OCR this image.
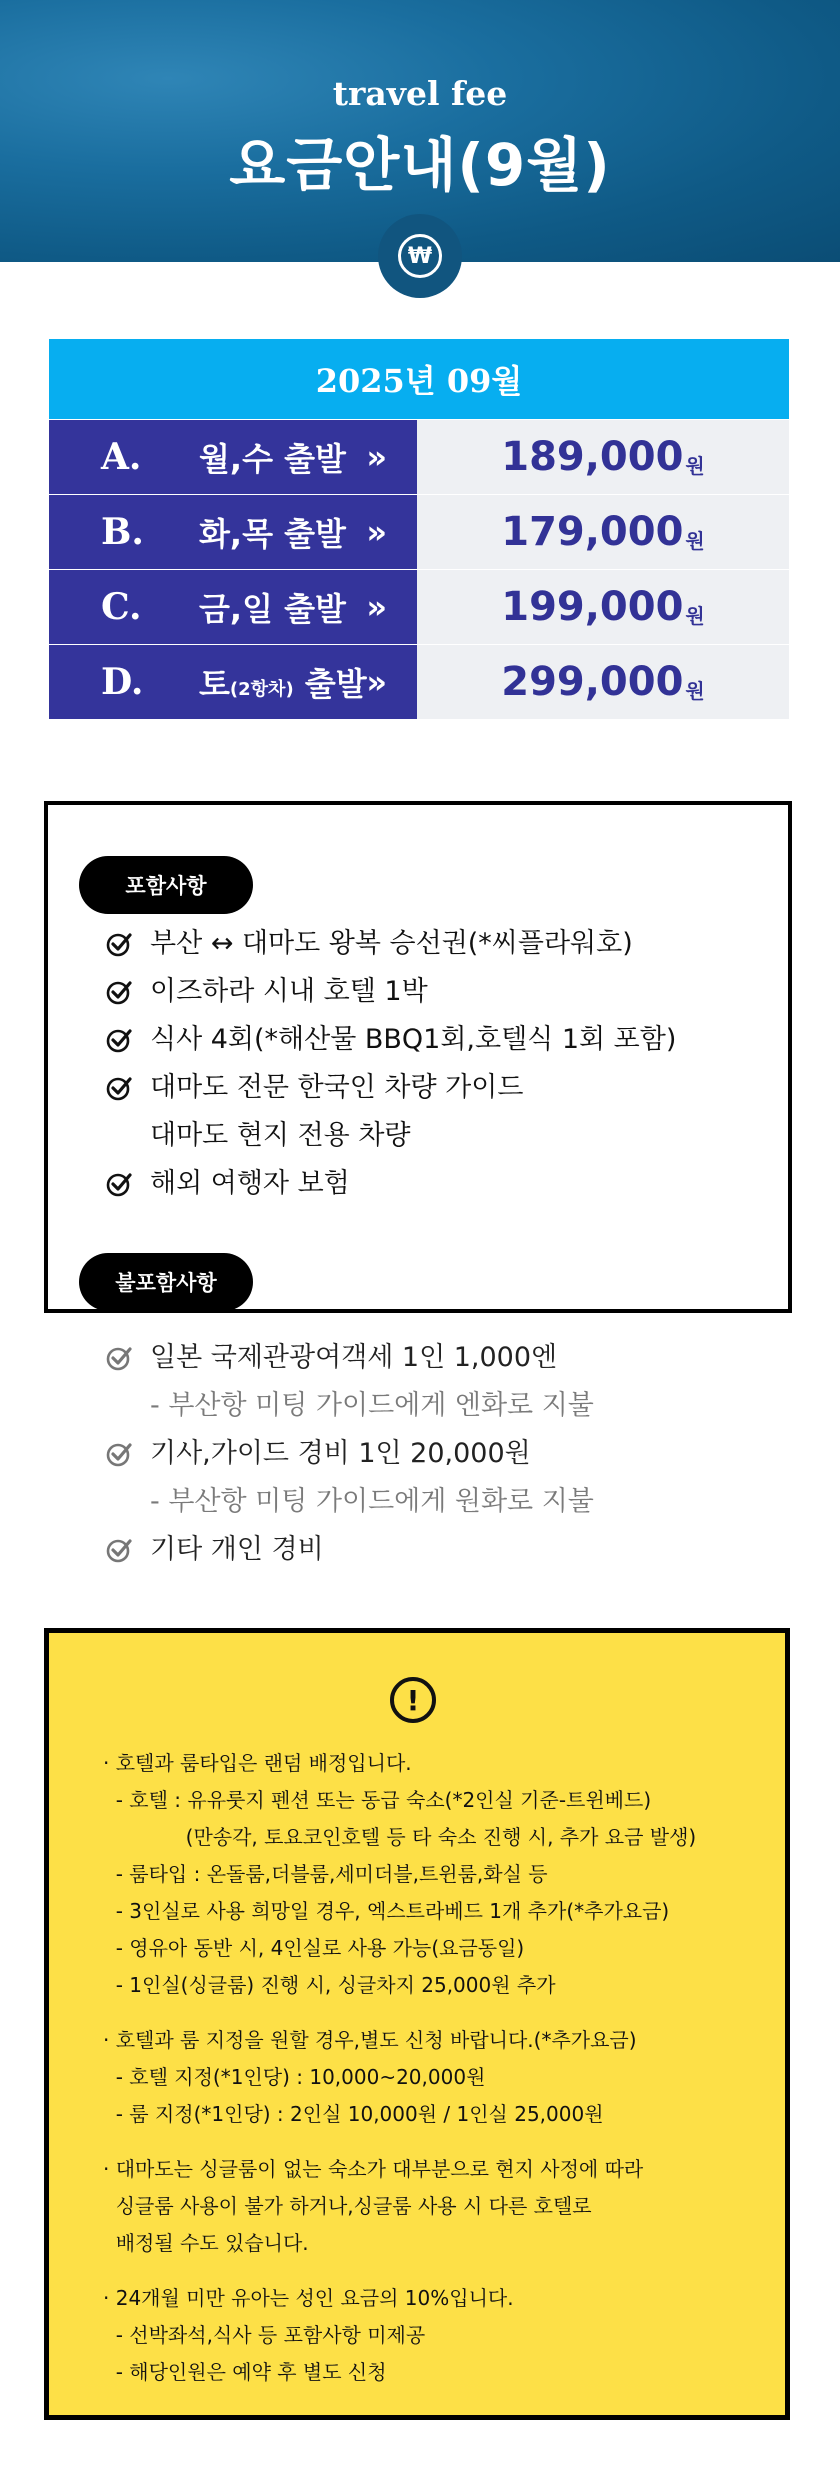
travel fee
요금안내(9월)
₩
2025년 09월
A. 월,수 출발 »	189,000 원
B. 화,목 출발 »	179,000 원
C. 금,일 출발 »	199,000 원
D. 토(2항차) 출발 »	299,000 원
포함사항
부산 ↔ 대마도 왕복 승선권(*씨플라워호)
이즈하라 시내 호텔 1박
식사 4회(*해산물 BBQ1회,호텔식 1회 포함)
대마도 전문 한국인 차량 가이드
대마도 현지 전용 차량
해외 여행자 보험
불포함사항
일본 국제관광여객세 1인 1,000엔
- 부산항 미팅 가이드에게 엔화로 지불
기사,가이드 경비 1인 20,000원
- 부산항 미팅 가이드에게 원화로 지불
기타 개인 경비
!

· 호텔과 룸타입은 랜덤 배정입니다.

- 호텔 : 유유룻지 펜션 또는 동급 숙소(*2인실 기준-트윈베드)

(만송각, 토요코인호텔 등 타 숙소 진행 시, 추가 요금 발생)

- 룸타입 : 온돌룸,더블룸,세미더블,트윈룸,화실 등

- 3인실로 사용 희망일 경우, 엑스트라베드 1개 추가(*추가요금)

- 영유아 동반 시, 4인실로 사용 가능(요금동일)

- 1인실(싱글룸) 진행 시, 싱글차지 25,000원 추가

· 호텔과 룸 지정을 원할 경우,별도 신청 바랍니다.(*추가요금)

- 호텔 지정(*1인당) : 10,000~20,000원

- 룸 지정(*1인당) : 2인실 10,000원 / 1인실 25,000원

· 대마도는 싱글룸이 없는 숙소가 대부분으로 현지 사정에 따라

싱글룸 사용이 불가 하거나,싱글룸 사용 시 다른 호텔로

배정될 수도 있습니다.

· 24개월 미만 유아는 성인 요금의 10%입니다.

- 선박좌석,식사 등 포함사항 미제공

- 해당인원은 예약 후 별도 신청
